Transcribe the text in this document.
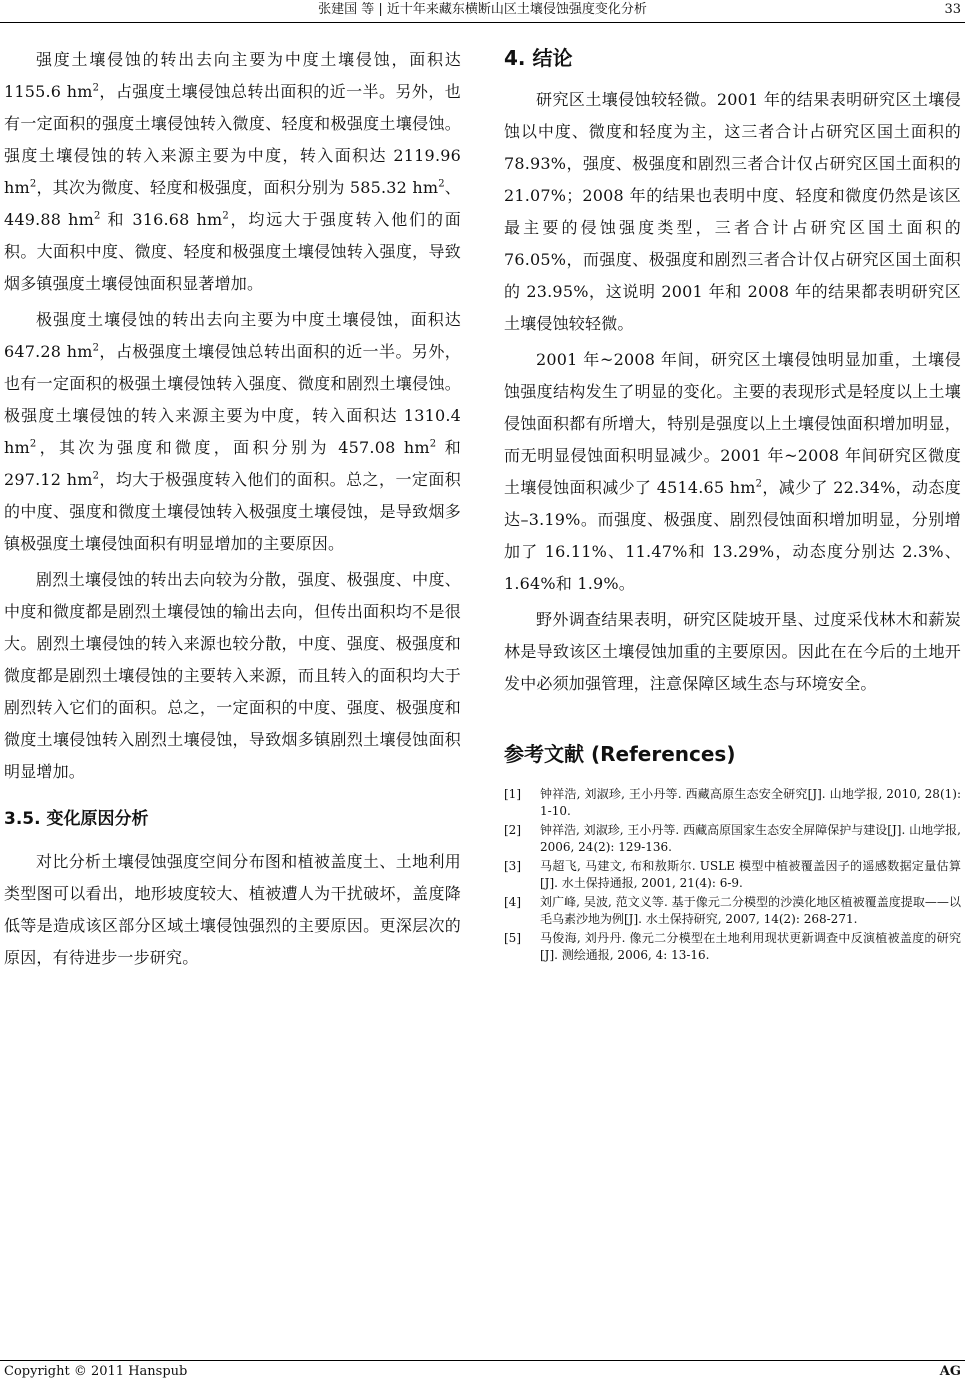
张建国 等 | 近十年来藏东横断山区土壤侵蚀强度变化分析	33

强度土壤侵蚀的转出去向主要为中度土壤侵蚀，面积达 1155.6 $hm^2$，占强度土壤侵蚀总转出面积的近一半。另外，也有一定面积的强度土壤侵蚀转入微度、轻度和极强度土壤侵蚀。强度土壤侵蚀的转入来源主要为中度，转入面积达 2119.96 $hm^2$，其次为微度、轻度和极强度，面积分别为 585.32 $hm^2$、449.88 $hm^2$ 和 316.68 $hm^2$，均远大于强度转入他们的面积。大面积中度、微度、轻度和极强度土壤侵蚀转入强度，导致烟多镇强度土壤侵蚀面积显著增加。

极强度土壤侵蚀的转出去向主要为中度土壤侵蚀，面积达 647.28 $hm^2$，占极强度土壤侵蚀总转出面积的近一半。另外，也有一定面积的极强土壤侵蚀转入强度、微度和剧烈土壤侵蚀。极强度土壤侵蚀的转入来源主要为中度，转入面积达 1310.4 $hm^2$，其次为强度和微度，面积分别为 457.08 $hm^2$ 和 297.12 $hm^2$，均大于极强度转入他们的面积。总之，一定面积的中度、强度和微度土壤侵蚀转入极强度土壤侵蚀，是导致烟多镇极强度土壤侵蚀面积有明显增加的主要原因。

剧烈土壤侵蚀的转出去向较为分散，强度、极强度、中度、中度和微度都是剧烈土壤侵蚀的输出去向，但传出面积均不是很大。剧烈土壤侵蚀的转入来源也较分散，中度、强度、极强度和微度都是剧烈土壤侵蚀的主要转入来源，而且转入的面积均大于剧烈转入它们的面积。总之，一定面积的中度、强度、极强度和微度土壤侵蚀转入剧烈土壤侵蚀，导致烟多镇剧烈土壤侵蚀面积明显增加。

3.5. 变化原因分析

对比分析土壤侵蚀强度空间分布图和植被盖度土、土地利用类型图可以看出，地形坡度较大、植被遭人为干扰破坏，盖度降低等是造成该区部分区域土壤侵蚀强烈的主要原因。更深层次的原因，有待进步一步研究。

4. 结论

研究区土壤侵蚀较轻微。2001 年的结果表明研究区土壤侵蚀以中度、微度和轻度为主，这三者合计占研究区国土面积的 78.93%，强度、极强度和剧烈三者合计仅占研究区国土面积的 21.07%；2008 年的结果也表明中度、轻度和微度仍然是该区最主要的侵蚀强度类型，三者合计占研究区国土面积的 76.05%，而强度、极强度和剧烈三者合计仅占研究区国土面积的 23.95%，这说明 2001 年和 2008 年的结果都表明研究区土壤侵蚀较轻微。

2001 年~2008 年间，研究区土壤侵蚀明显加重，土壤侵蚀强度结构发生了明显的变化。主要的表现形式是轻度以上土壤侵蚀面积都有所增大，特别是强度以上土壤侵蚀面积增加明显，而无明显侵蚀面积明显减少。2001 年~2008 年间研究区微度土壤侵蚀面积减少了 4514.65 $hm^2$，减少了 22.34%，动态度达–3.19%。而强度、极强度、剧烈侵蚀面积增加明显，分别增加了 16.11%、11.47%和 13.29%，动态度分别达 2.3%、1.64%和 1.9%。

野外调查结果表明，研究区陡坡开垦、过度采伐林木和薪炭林是导致该区土壤侵蚀加重的主要原因。因此在在今后的土地开发中必须加强管理，注意保障区域生态与环境安全。

参考文献 (References)
[1]	钟祥浩, 刘淑珍, 王小丹等. 西藏高原生态安全研究[J]. 山地学报, 2010, 28(1): 1-10.
[2]	钟祥浩, 刘淑珍, 王小丹等. 西藏高原国家生态安全屏障保护与建设[J]. 山地学报, 2006, 24(2): 129-136.
[3]	马超飞, 马建文, 布和敖斯尔. USLE 模型中植被覆盖因子的遥感数据定量估算[J]. 水土保持通报, 2001, 21(4): 6-9.
[4]	刘广峰, 吴波, 范文义等. 基于像元二分模型的沙漠化地区植被覆盖度提取——以毛乌素沙地为例[J]. 水土保持研究, 2007, 14(2): 268-271.
[5]	马俊海, 刘丹丹. 像元二分模型在土地利用现状更新调查中反演植被盖度的研究[J]. 测绘通报, 2006, 4: 13-16.
Copyright © 2011 Hanspub	AG
